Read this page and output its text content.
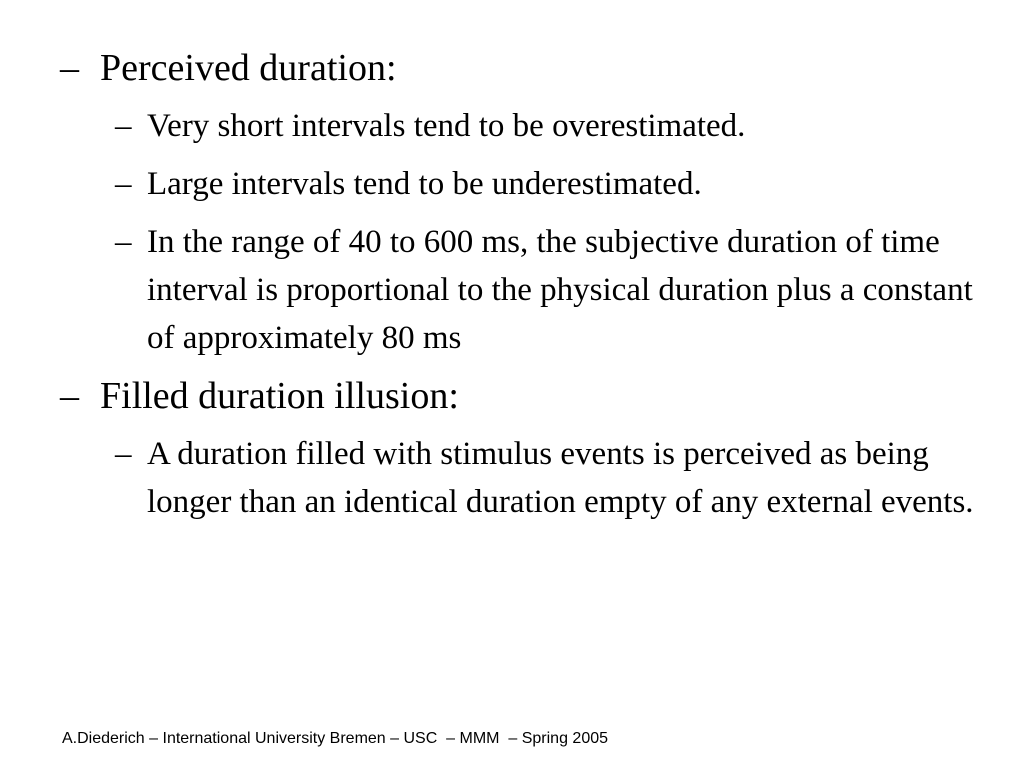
– Perceived duration:
– Very short intervals tend to be overestimated.
– Large intervals tend to be underestimated.
– In the range of 40 to 600 ms, the subjective duration of time interval is proportional to the physical duration plus a constant of approximately 80 ms
– Filled duration illusion:
– A duration filled with stimulus events is perceived as being longer than an identical duration empty of any external events.
A.Diederich – International University Bremen – USC  – MMM  – Spring 2005
